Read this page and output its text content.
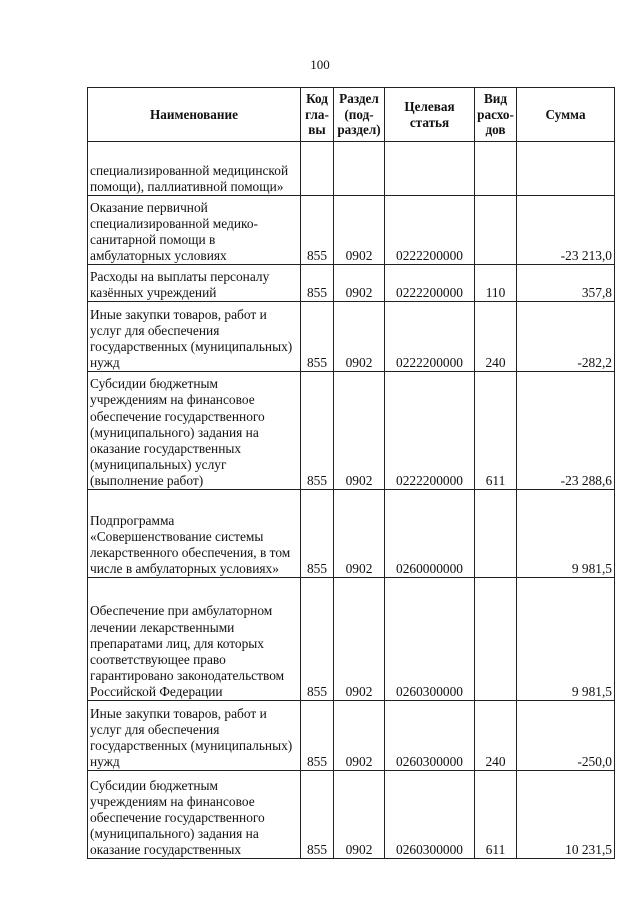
100
Наименование	Код гла- вы	Раздел (под- раздел)	Целевая статья	Вид расхо- дов	Сумма
специализированной медицинской помощи), паллиативной помощи»					
Оказание первичной специализированной медико-санитарной помощи в амбулаторных условиях	855	0902	0222200000		-23 213,0
Расходы на выплаты персоналу казённых учреждений	855	0902	0222200000	110	357,8
Иные закупки товаров, работ и услуг для обеспечения государственных (муниципальных) нужд	855	0902	0222200000	240	-282,2
Субсидии бюджетным учреждениям на финансовое обеспечение государственного (муниципального) задания на оказание государственных (муниципальных) услуг (выполнение работ)	855	0902	0222200000	611	-23 288,6
Подпрограмма «Совершенствование системы лекарственного обеспечения, в том числе в амбулаторных условиях»	855	0902	0260000000		9 981,5
Обеспечение при амбулаторном лечении лекарственными препаратами лиц, для которых соответствующее право гарантировано законодательством Российской Федерации	855	0902	0260300000		9 981,5
Иные закупки товаров, работ и услуг для обеспечения государственных (муниципальных) нужд	855	0902	0260300000	240	-250,0
Субсидии бюджетным учреждениям на финансовое обеспечение государственного (муниципального) задания на оказание государственных	855	0902	0260300000	611	10 231,5
